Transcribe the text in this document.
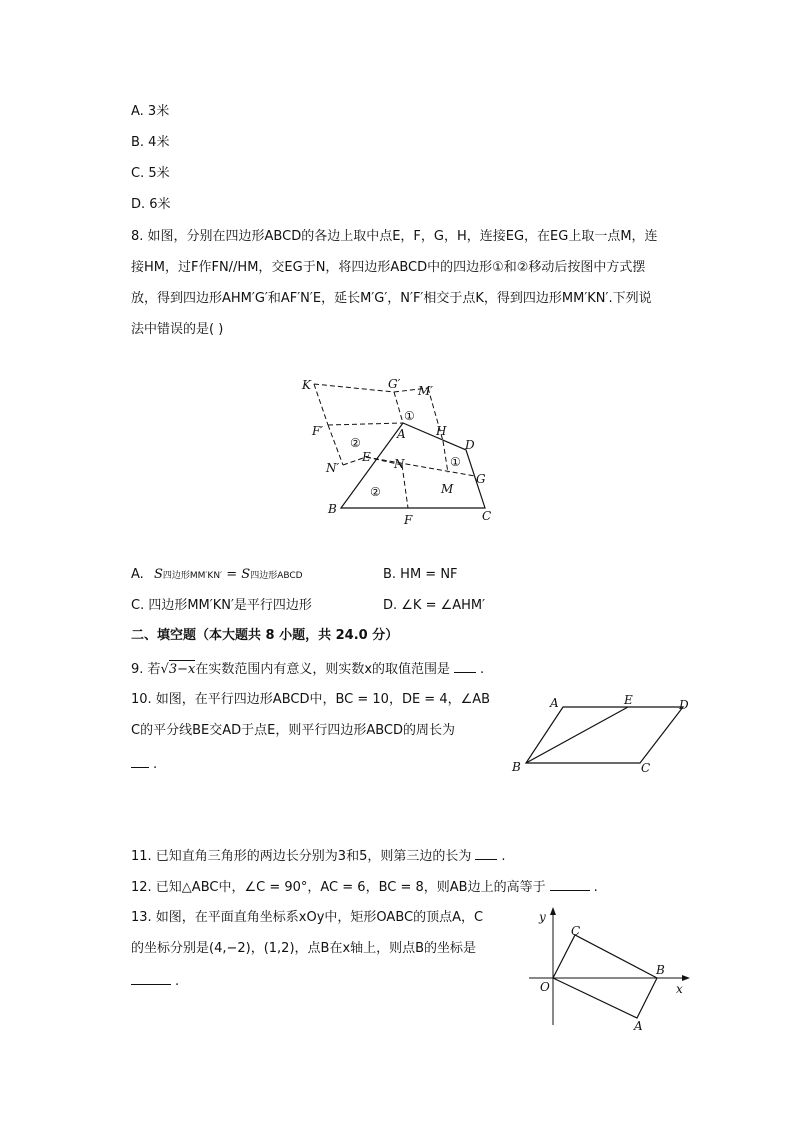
A. 3米
B. 4米
C. 5米
D. 6米
8. 如图，分别在四边形ABCD的各边上取中点E，F，G，H，连接EG，在EG上取一点M，连
接HM，过F作FN//HM，交EG于N，将四边形ABCD中的四边形①和②移动后按图中方式摆
放，得到四边形AHM′G′和AF′N′E，延长M′G′，N′F′相交于点K，得到四边形MM′KN′.下列说
法中错误的是( )
K	G′ M′
①
F′	A	H
D
②
N′
E N	①
G
②	M
B
F	C
A. S四边形MM′KN′ = S四边形ABCD	B. HM = NF
C. 四边形MM′KN′是平行四边形	D. ∠K = ∠AHM′
二、填空题（本大题共 8 小题，共 24.0 分）
9. 若√3−x在实数范围内有意义，则实数x的取值范围是 .
10. 如图，在平行四边形ABCD中，BC = 10，DE = 4，∠AB
C的平分线BE交AD于点E，则平行四边形ABCD的周长为
.
A	E	D
B	C
11. 已知直角三角形的两边长分别为3和5，则第三边的长为 .
12. 已知△ABC中，∠C = 90°，AC = 6，BC = 8，则AB边上的高等于	.
13. 如图，在平面直角坐标系xOy中，矩形OABC的顶点A，C
的坐标分别是(4,−2)，(1,2)，点B在x轴上，则点B的坐标是
.
y
C
B
O	x
A
